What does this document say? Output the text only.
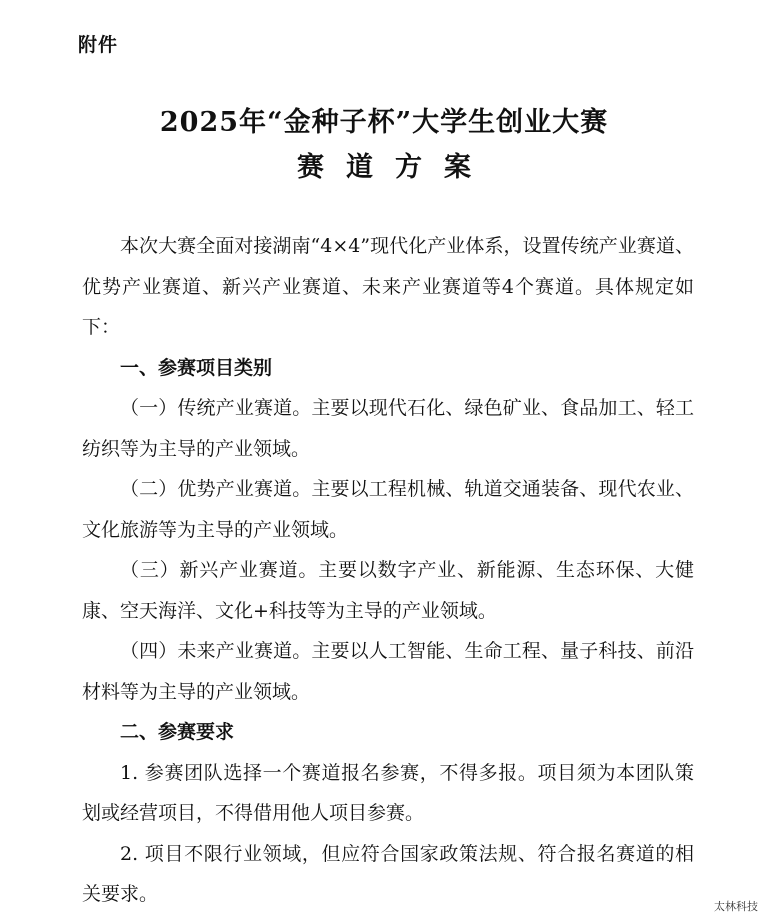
附件
2025年“金种子杯”大学生创业大赛
赛道方案

本次大赛全面对接湖南“4×4”现代化产业体系，设置传统产业赛道、优势产业赛道、新兴产业赛道、未来产业赛道等4个赛道。具体规定如下：

一、参赛项目类别

（一）传统产业赛道。主要以现代石化、绿色矿业、食品加工、轻工纺织等为主导的产业领域。

（二）优势产业赛道。主要以工程机械、轨道交通装备、现代农业、文化旅游等为主导的产业领域。

（三）新兴产业赛道。主要以数字产业、新能源、生态环保、大健康、空天海洋、文化+科技等为主导的产业领域。

（四）未来产业赛道。主要以人工智能、生命工程、量子科技、前沿材料等为主导的产业领域。

二、参赛要求

1. 参赛团队选择一个赛道报名参赛，不得多报。项目须为本团队策划或经营项目，不得借用他人项目参赛。

2. 项目不限行业领域，但应符合国家政策法规、符合报名赛道的相关要求。

太林科技
